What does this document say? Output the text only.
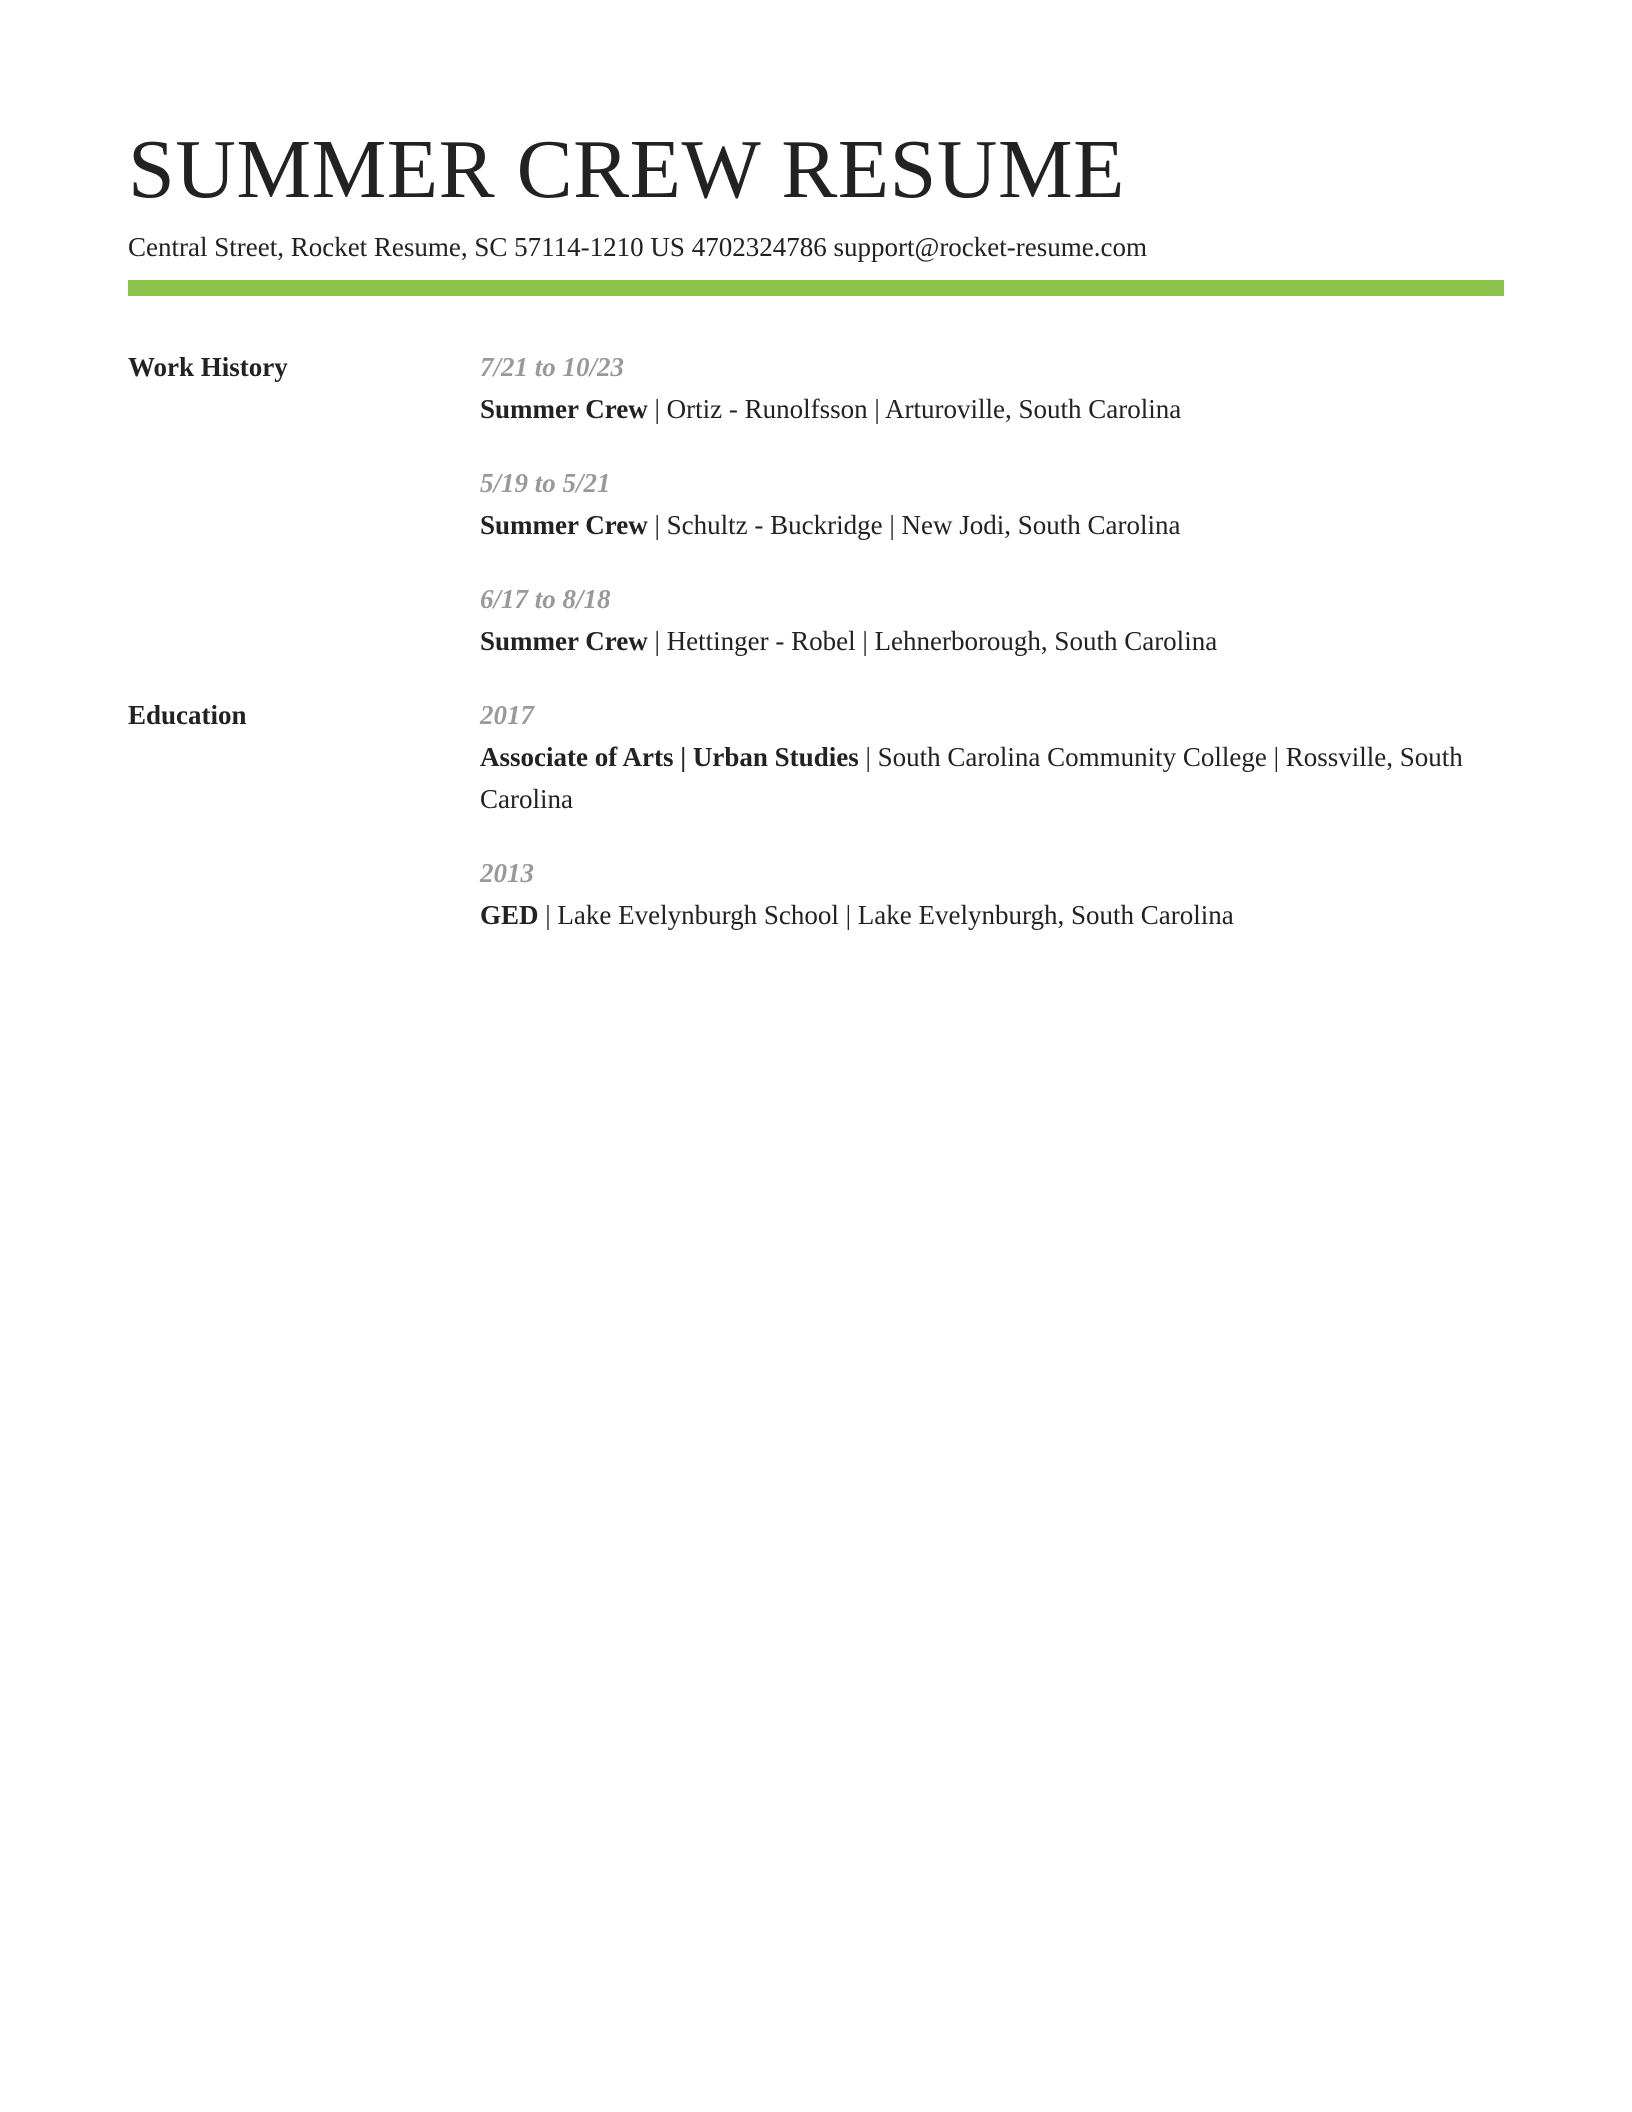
SUMMER CREW RESUME
Central Street, Rocket Resume, SC 57114-1210 US 4702324786 support@rocket-resume.com
Work History	7/21 to 10/23
Summer Crew | Ortiz - Runolfsson | Arturoville, South Carolina
5/19 to 5/21
Summer Crew | Schultz - Buckridge | New Jodi, South Carolina
6/17 to 8/18
Summer Crew | Hettinger - Robel | Lehnerborough, South Carolina
Education	2017
Associate of Arts | Urban Studies | South Carolina Community College | Rossville, South Carolina
2013
GED | Lake Evelynburgh School | Lake Evelynburgh, South Carolina
